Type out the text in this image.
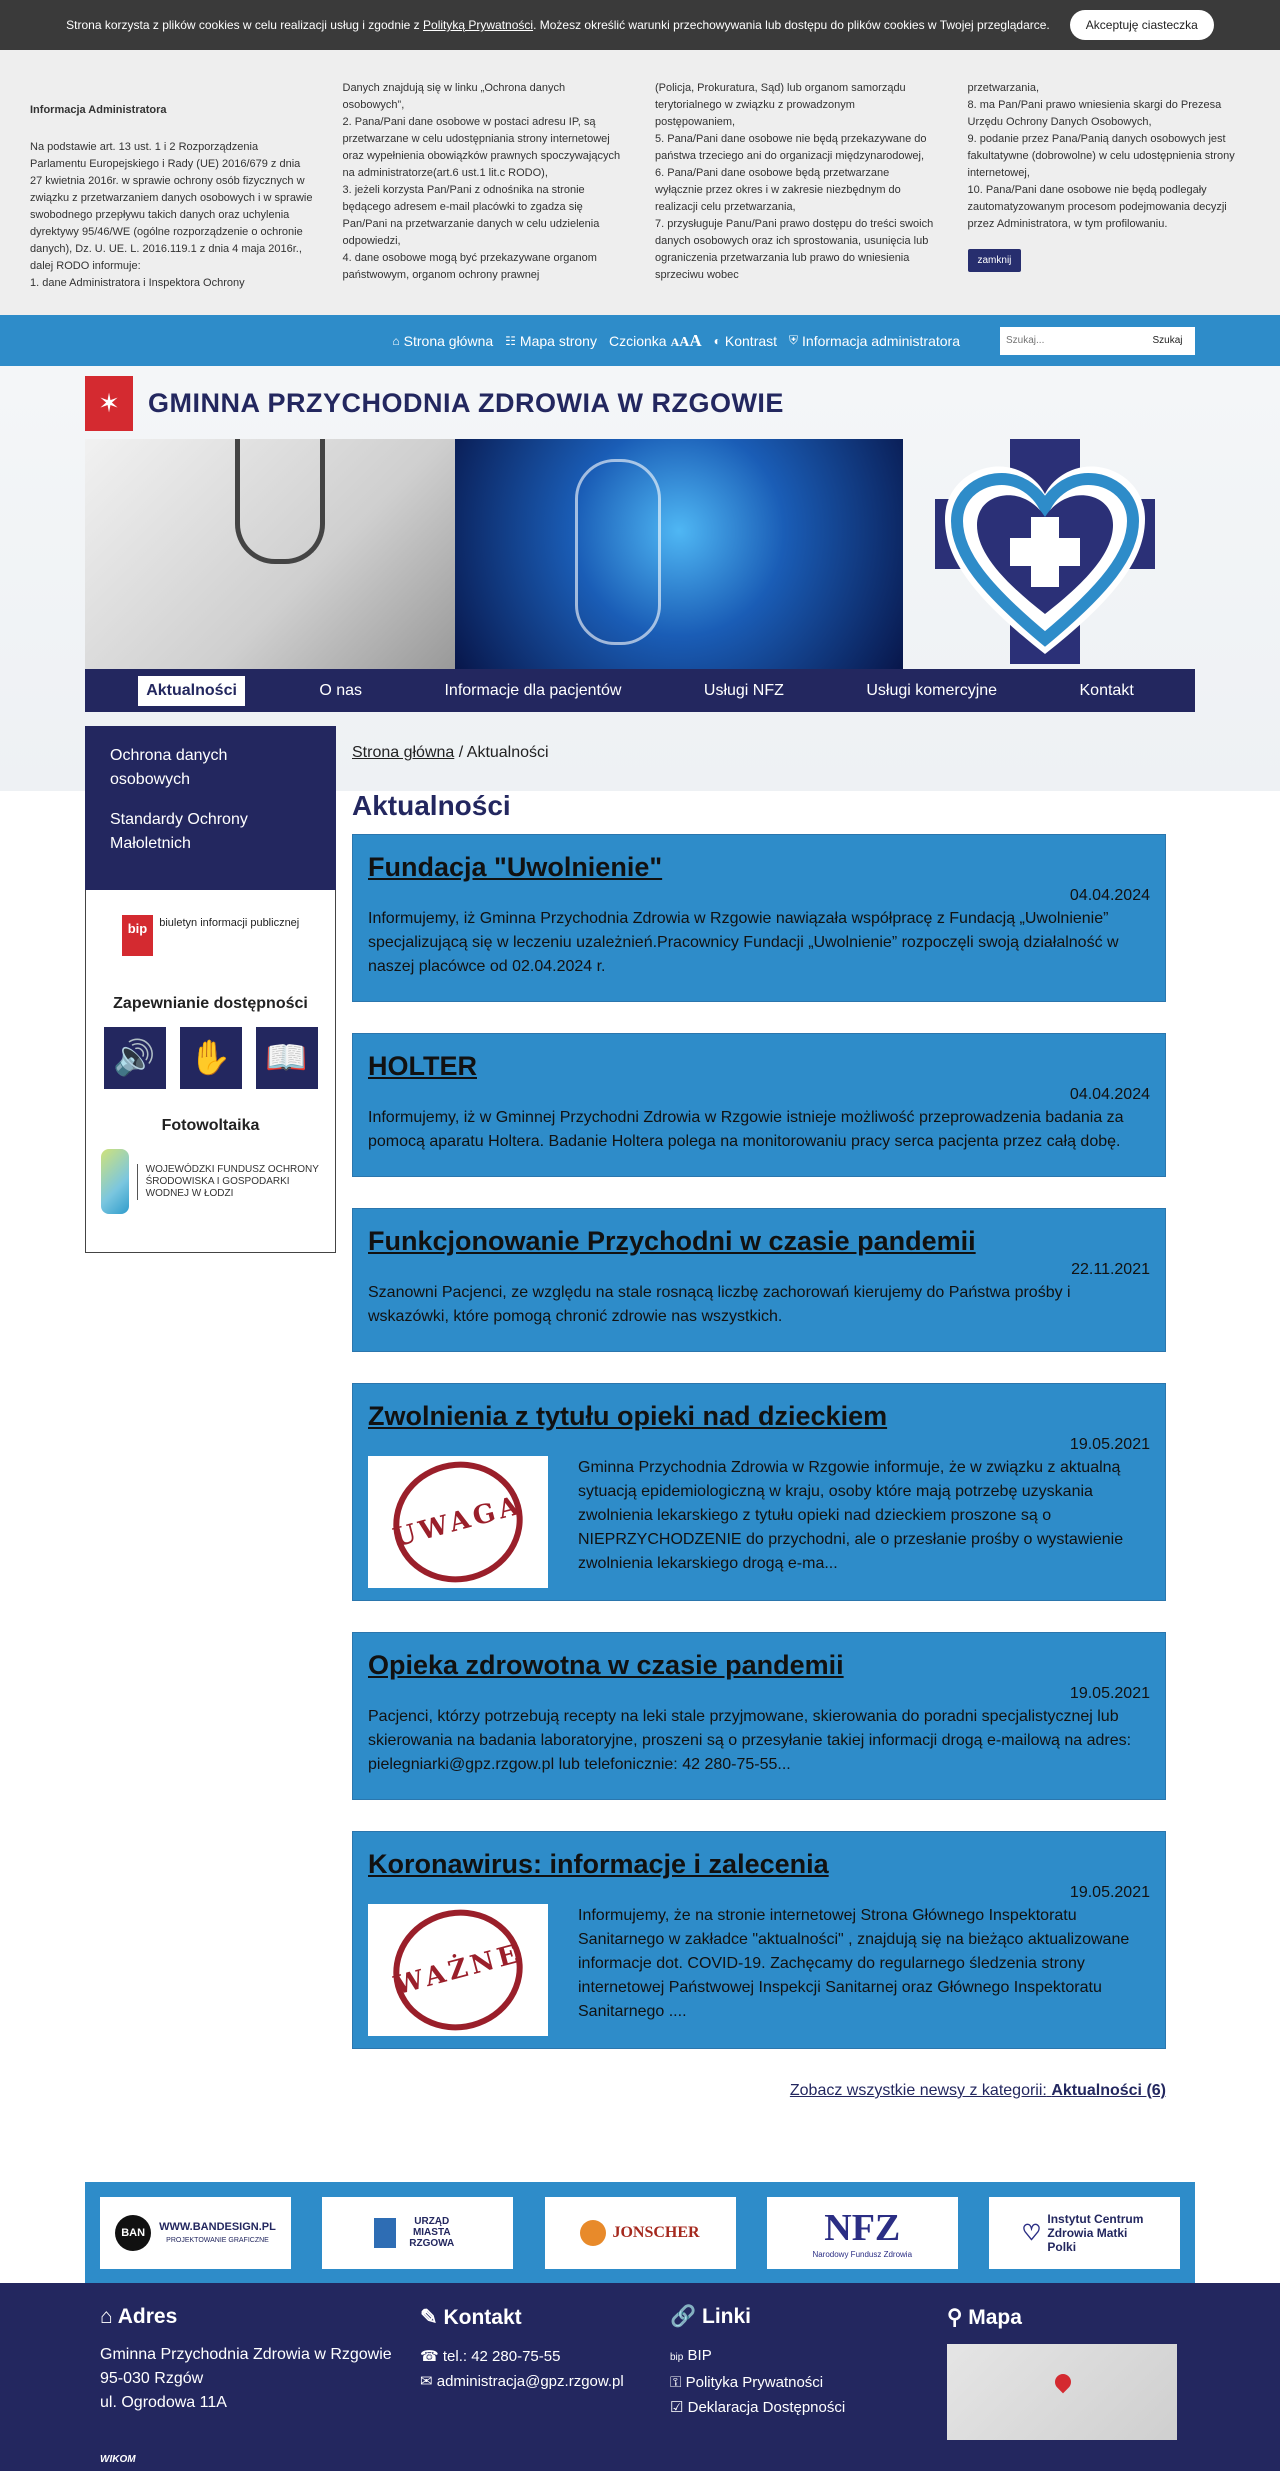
Strona korzysta z plików cookies w celu realizacji usług i zgodnie z Polityką Prywatności. Możesz określić warunki przechowywania lub dostępu do plików cookies w Twojej przeglądarce.	Akceptuję ciasteczka
Informacja Administratora

Na podstawie art. 13 ust. 1 i 2 Rozporządzenia Parlamentu Europejskiego i Rady (UE) 2016/679 z dnia 27 kwietnia 2016r. w sprawie ochrony osób fizycznych w związku z przetwarzaniem danych osobowych i w sprawie swobodnego przepływu takich danych oraz uchylenia dyrektywy 95/46/WE (ogólne rozporządzenie o ochronie danych), Dz. U. UE. L. 2016.119.1 z dnia 4 maja 2016r., dalej RODO informuje:
1. dane Administratora i Inspektora Ochrony

Danych znajdują się w linku „Ochrona danych osobowych”,
2. Pana/Pani dane osobowe w postaci adresu IP, są przetwarzane w celu udostępniania strony internetowej oraz wypełnienia obowiązków prawnych spoczywających na administratorze(art.6 ust.1 lit.c RODO),
3. jeżeli korzysta Pan/Pani z odnośnika na stronie będącego adresem e-mail placówki to zgadza się Pan/Pani na przetwarzanie danych w celu udzielenia odpowiedzi,
4. dane osobowe mogą być przekazywane organom państwowym, organom ochrony prawnej

(Policja, Prokuratura, Sąd) lub organom samorządu terytorialnego w związku z prowadzonym postępowaniem,
5. Pana/Pani dane osobowe nie będą przekazywane do państwa trzeciego ani do organizacji międzynarodowej,
6. Pana/Pani dane osobowe będą przetwarzane wyłącznie przez okres i w zakresie niezbędnym do realizacji celu przetwarzania,
7. przysługuje Panu/Pani prawo dostępu do treści swoich danych osobowych oraz ich sprostowania, usunięcia lub ograniczenia przetwarzania lub prawo do wniesienia sprzeciwu wobec

przetwarzania,
8. ma Pan/Pani prawo wniesienia skargi do Prezesa Urzędu Ochrony Danych Osobowych,
9. podanie przez Pana/Panią danych osobowych jest fakultatywne (dobrowolne) w celu udostępnienia strony internetowej,
10. Pana/Pani dane osobowe nie będą podlegały zautomatyzowanym procesom podejmowania decyzji przez Administratora, w tym profilowaniu.

zamknij
⌂ Strona główna ☷ Mapa strony Czcionka AAA ◐ Kontrast ⛨ Informacja administratora
Szukaj...	Szukaj
✶	GMINNA PRZYCHODNIA ZDROWIA W RZGOWIE
Aktualności	O nas	Informacje dla pacjentów	Usługi NFZ	Usługi komercyjne	Kontakt
Ochrona danych osobowych
Standardy Ochrony Małoletnich
bip	biuletyn informacji publicznej
Zapewnianie dostępności
🔊 ✋ 📖
Fotowoltaika
WOJEWÓDZKI FUNDUSZ OCHRONY ŚRODOWISKA I GOSPODARKI WODNEJ W ŁODZI
Strona główna / Aktualności
Aktualności
Fundacja "Uwolnienie"
04.04.2024
Informujemy, iż Gminna Przychodnia Zdrowia w Rzgowie nawiązała współpracę z Fundacją „Uwolnienie” specjalizującą się w leczeniu uzależnień.Pracownicy Fundacji „Uwolnienie” rozpoczęli swoją działalność w naszej placówce od 02.04.2024 r.
HOLTER
04.04.2024
Informujemy, iż w Gminnej Przychodni Zdrowia w Rzgowie istnieje możliwość przeprowadzenia badania za pomocą aparatu Holtera. Badanie Holtera polega na monitorowaniu pracy serca pacjenta przez całą dobę.
Funkcjonowanie Przychodni w czasie pandemii
22.11.2021
Szanowni Pacjenci, ze względu na stale rosnącą liczbę zachorowań kierujemy do Państwa prośby i wskazówki, które pomogą chronić zdrowie nas wszystkich.
Zwolnienia z tytułu opieki nad dzieckiem
19.05.2021
UWAGA
Gminna Przychodnia Zdrowia w Rzgowie informuje, że w związku z aktualną sytuacją epidemiologiczną w kraju, osoby które mają potrzebę uzyskania zwolnienia lekarskiego z tytułu opieki nad dzieckiem proszone są o NIEPRZYCHODZENIE do przychodni, ale o przesłanie prośby o wystawienie zwolnienia lekarskiego drogą e-ma...
Opieka zdrowotna w czasie pandemii
19.05.2021
Pacjenci, którzy potrzebują recepty na leki stale przyjmowane, skierowania do poradni specjalistycznej lub skierowania na badania laboratoryjne, proszeni są o przesyłanie takiej informacji drogą e-mailową na adres: pielegniarki@gpz.rzgow.pl lub telefonicznie: 42 280-75-55...
Koronawirus: informacje i zalecenia
19.05.2021
WAŻNE
Informujemy, że na stronie internetowej Strona Głównego Inspektoratu Sanitarnego w zakładce "aktualności" , znajdują się na bieżąco aktualizowane informacje dot. COVID-19. Zachęcamy do regularnego śledzenia strony internetowej Państwowej Inspekcji Sanitarnej oraz Głównego Inspektoratu Sanitarnego ....
Zobacz wszystkie newsy z kategorii: Aktualności (6)
BAN	WWW.BANDESIGN.PL
PROJEKTOWANIE GRAFICZNE
URZĄD MIASTA RZGOWA
JONSCHER	NFZ
Narodowy Fundusz Zdrowia
♡
Instytut Centrum Zdrowia Matki Polki
⌂ Adres
Gminna Przychodnia Zdrowia w Rzgowie
95-030 Rzgów
ul. Ogrodowa 11A
✎ Kontakt
☎ tel.: 42 280-75-55
✉ administracja@gpz.rzgow.pl
🔗 Linki
bip BIP
⚿ Polityka Prywatności
☑ Deklaracja Dostępności
⚲ Mapa
WIKOM
